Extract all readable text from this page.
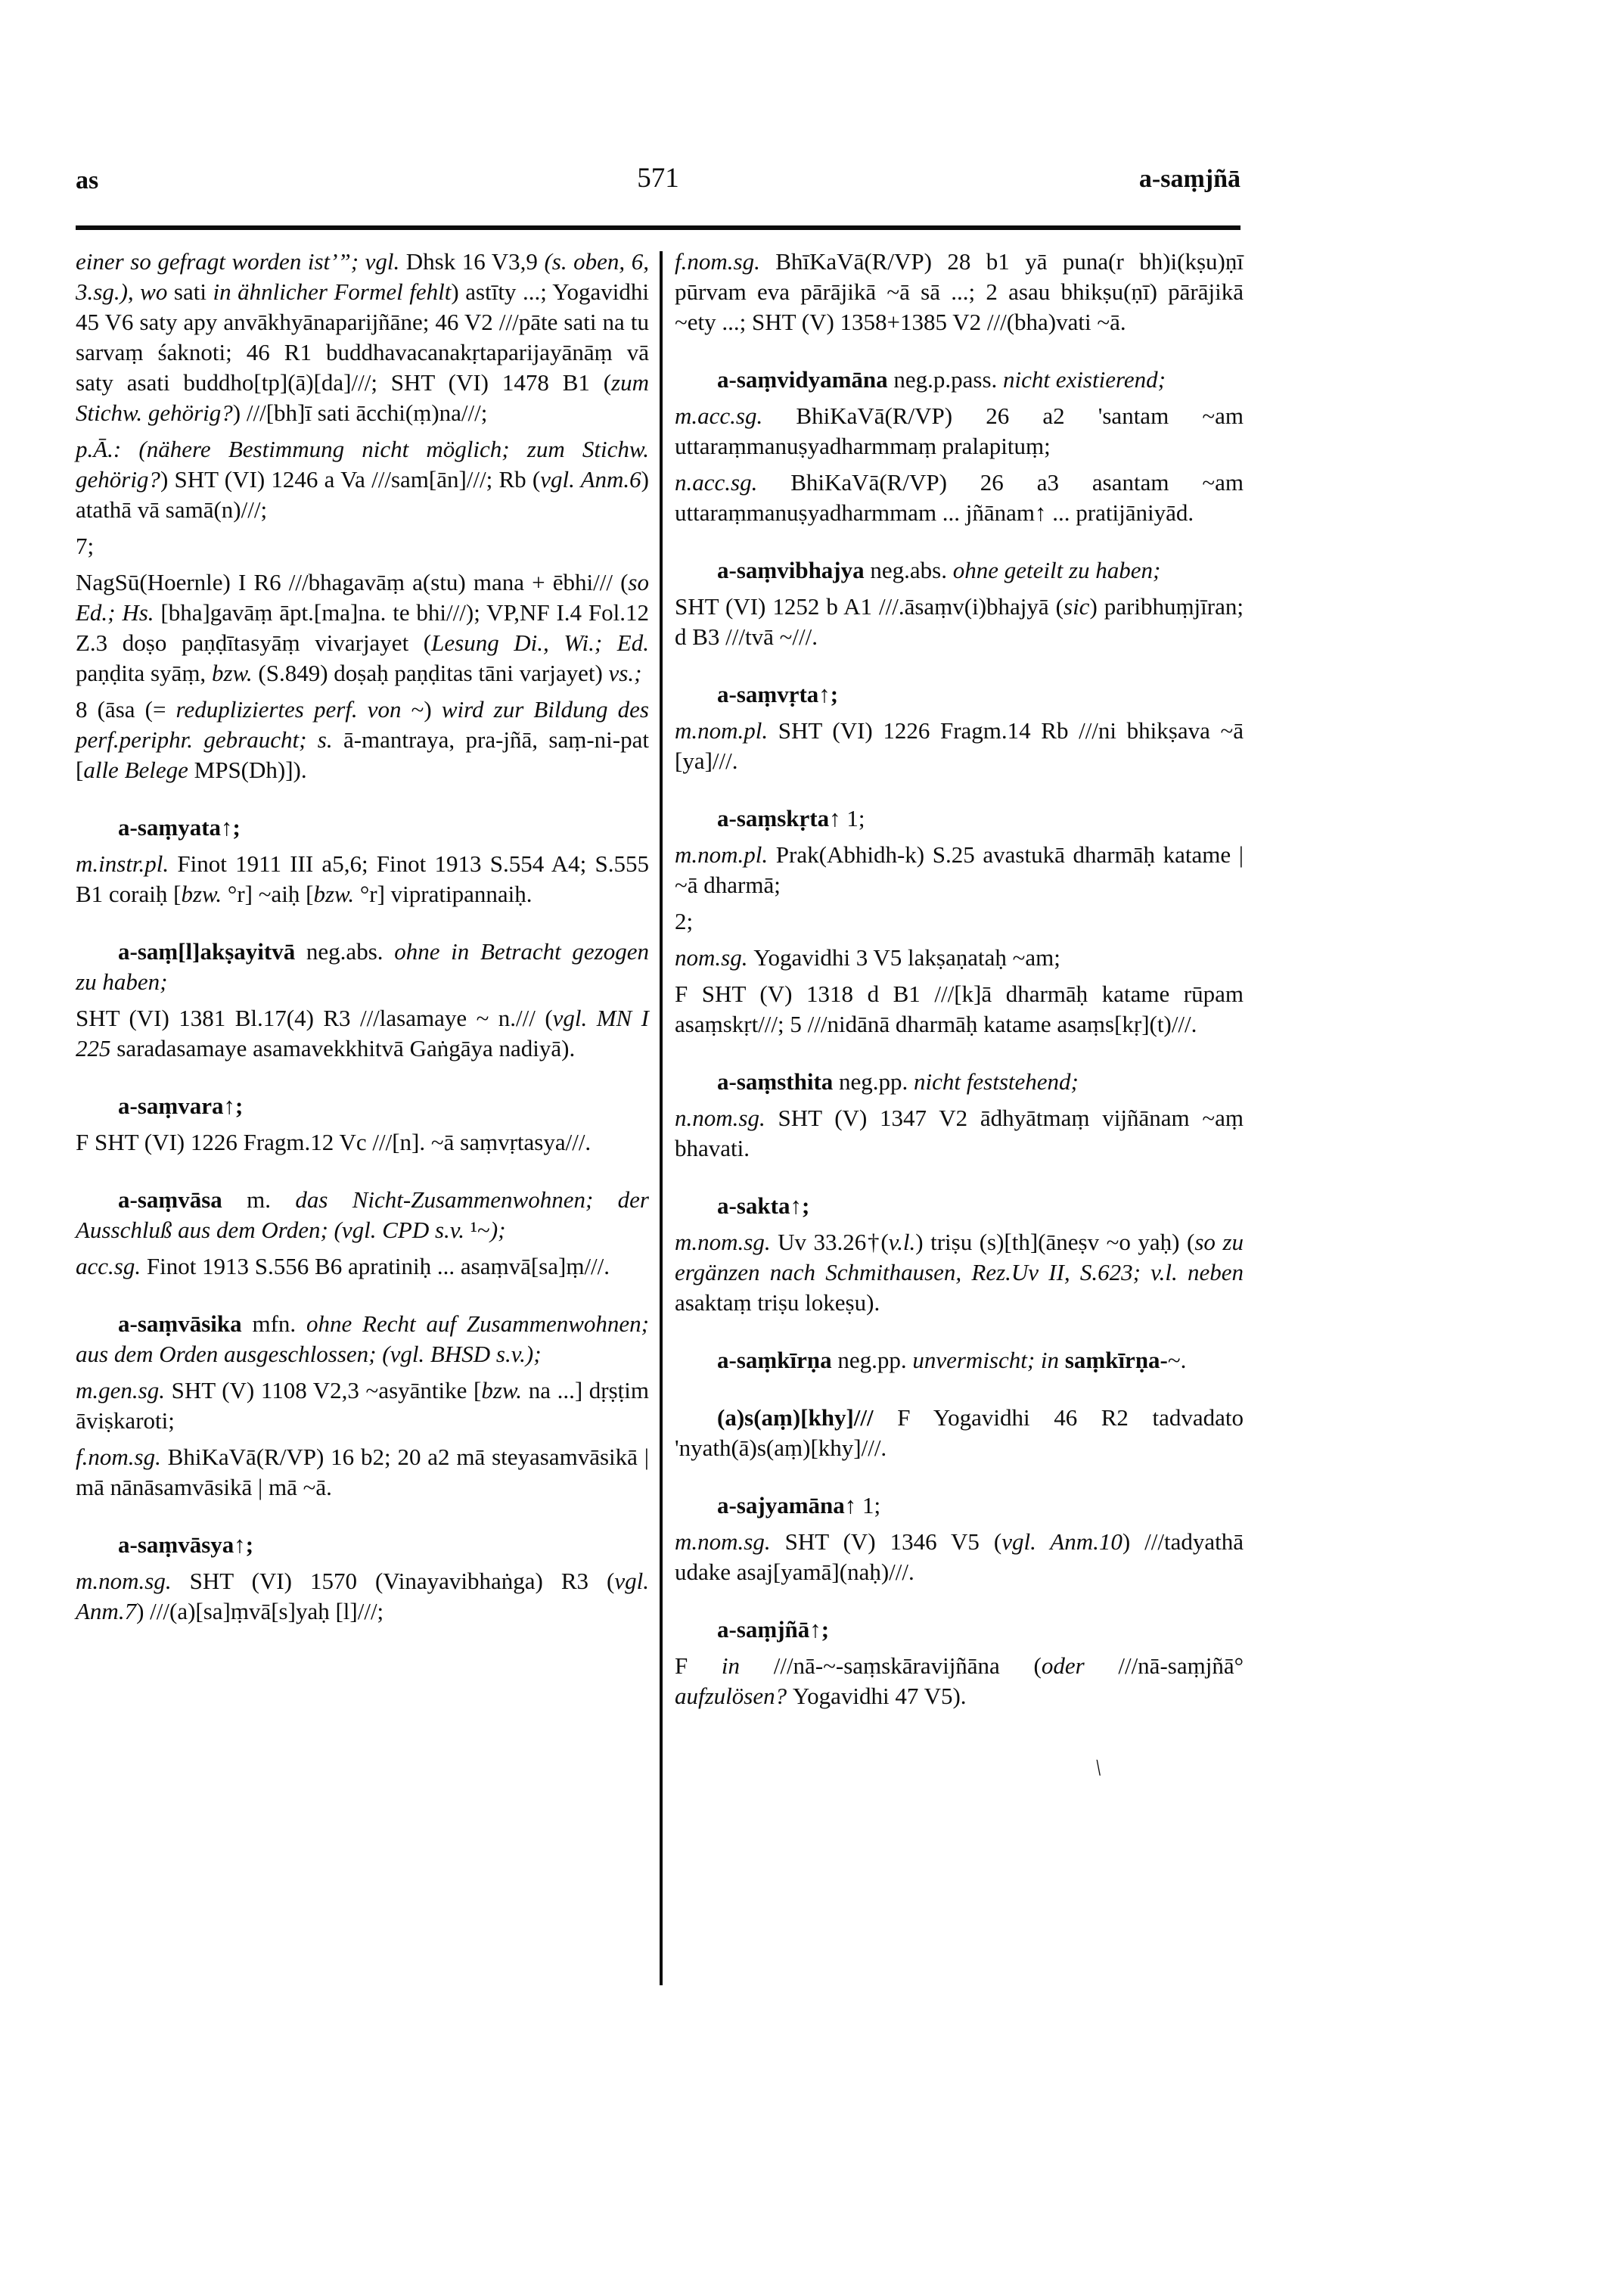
as	571	a-saṃjñā

einer so gefragt worden ist’”; vgl. Dhsk 16 V3,9 (s. oben, 6, 3.sg.), wo sati in ähnlicher Formel fehlt) astīty ...; Yogavidhi 45 V6 saty apy anvākhyānaparijñāne; 46 V2 ///pāte sati na tu sarvaṃ śaknoti; 46 R1 buddhavacanakṛtaparijayānāṃ vā saty asati buddho[tp](ā)[da]///; SHT (VI) 1478 B1 (zum Stichw. gehörig?) ///[bh]ī sati ācchi(ṃ)na///;

p.Ā.: (nähere Bestimmung nicht möglich; zum Stichw. gehörig?) SHT (VI) 1246 a Va ///sam[ān]///; Rb (vgl. Anm.6) atathā vā samā(n)///;

7;

NagSū(Hoernle) I R6 ///bhagavāṃ a(stu) mana + ēbhi/// (so Ed.; Hs. [bha]gavāṃ āpt.[ma]na. te bhi///); VP,NF I.4 Fol.12 Z.3 doṣo paṇḍītasyāṃ vivarjayet (Lesung Di., Wi.; Ed. paṇḍita syāṃ, bzw. (S.849) doṣaḥ paṇḍitas tāni varjayet) vs.;

8 (āsa (= redupliziertes perf. von ~) wird zur Bildung des perf.periphr. gebraucht; s. ā-mantraya, pra-jñā, saṃ-ni-pat [alle Belege MPS(Dh)]).

a-saṃyata↑;

m.instr.pl. Finot 1911 III a5,6; Finot 1913 S.554 A4; S.555 B1 coraiḥ [bzw. °r] ~aiḥ [bzw. °r] vipratipannaiḥ.

a-saṃ[l]akṣayitvā neg.abs. ohne in Betracht gezogen zu haben;

SHT (VI) 1381 Bl.17(4) R3 ///lasamaye ~ n./// (vgl. MN I 225 saradasamaye asamavekkhitvā Gaṅgāya nadiyā).

a-saṃvara↑;

F SHT (VI) 1226 Fragm.12 Vc ///[n]. ~ā saṃvṛtasya///.

a-saṃvāsa m. das Nicht-Zusammenwohnen; der Ausschluß aus dem Orden; (vgl. CPD s.v. ¹~);

acc.sg. Finot 1913 S.556 B6 apratiniḥ ... asaṃvā[sa]ṃ///.

a-saṃvāsika mfn. ohne Recht auf Zusammenwohnen; aus dem Orden ausgeschlossen; (vgl. BHSD s.v.);

m.gen.sg. SHT (V) 1108 V2,3 ~asyāntike [bzw. na ...] dṛṣṭim āviṣkaroti;

f.nom.sg. BhiKaVā(R/VP) 16 b2; 20 a2 mā steyasamvāsikā | mā nānāsamvāsikā | mā ~ā.

a-saṃvāsya↑;

m.nom.sg. SHT (VI) 1570 (Vinayavibhaṅga) R3 (vgl. Anm.7) ///(a)[sa]ṃvā[s]yaḥ [l]///;

f.nom.sg. BhīKaVā(R/VP) 28 b1 yā puna(r bh)i(kṣu)ṇī pūrvam eva pārājikā ~ā sā ...; 2 asau bhikṣu(ṇī) pārājikā ~ety ...; SHT (V) 1358+1385 V2 ///(bha)vati ~ā.

a-saṃvidyamāna neg.p.pass. nicht existierend;

m.acc.sg. BhiKaVā(R/VP) 26 a2 'santam ~am uttaraṃmanuṣyadharmmaṃ pralapituṃ;

n.acc.sg. BhiKaVā(R/VP) 26 a3 asantam ~am uttaraṃmanuṣyadharmmam ... jñānam↑ ... pratijāniyād.

a-saṃvibhajya neg.abs. ohne geteilt zu haben;

SHT (VI) 1252 b A1 ///.āsaṃv(i)bhajyā (sic) paribhuṃjīran; d B3 ///tvā ~///.

a-saṃvṛta↑;

m.nom.pl. SHT (VI) 1226 Fragm.14 Rb ///ni bhikṣava ~ā [ya]///.

a-saṃskṛta↑ 1;

m.nom.pl. Prak(Abhidh-k) S.25 avastukā dharmāḥ katame | ~ā dharmā;

2;

nom.sg. Yogavidhi 3 V5 lakṣaṇataḥ ~am;

F SHT (V) 1318 d B1 ///[k]ā dharmāḥ katame rūpam asaṃskṛt///; 5 ///nidānā dharmāḥ katame asaṃs[kṛ](t)///.

a-saṃsthita neg.pp. nicht feststehend;

n.nom.sg. SHT (V) 1347 V2 ādhyātmaṃ vijñānam ~aṃ bhavati.

a-sakta↑;

m.nom.sg. Uv 33.26†(v.l.) triṣu (s)[th](āneṣv ~o yaḥ) (so zu ergänzen nach Schmithausen, Rez.Uv II, S.623; v.l. neben asaktaṃ triṣu lokeṣu).

a-saṃkīrṇa neg.pp. unvermischt; in saṃkīrṇa-~.

(a)s(aṃ)[khy]/// F Yogavidhi 46 R2 tadvadato 'nyath(ā)s(aṃ)[khy]///.

a-sajyamāna↑ 1;

m.nom.sg. SHT (V) 1346 V5 (vgl. Anm.10) ///tadyathā udake asaj[yamā](naḥ)///.

a-saṃjñā↑;

F in ///nā-~-saṃskāravijñāna (oder ///nā-saṃjñā° aufzulösen? Yogavidhi 47 V5).

\
